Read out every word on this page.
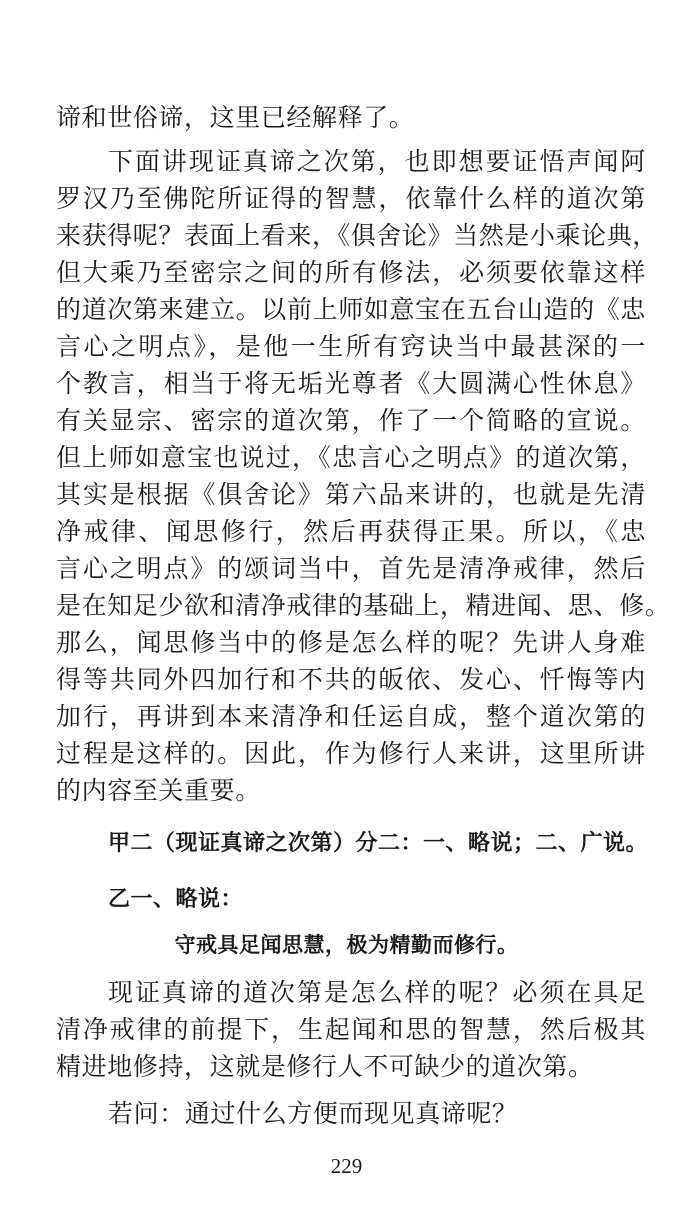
谛和世俗谛，这里已经解释了。
下面讲现证真谛之次第，也即想要证悟声闻阿
罗汉乃至佛陀所证得的智慧，依靠什么样的道次第
来获得呢？表面上看来，《俱舍论》当然是小乘论典，
但大乘乃至密宗之间的所有修法，必须要依靠这样
的道次第来建立。以前上师如意宝在五台山造的《忠
言心之明点》，是他一生所有窍诀当中最甚深的一
个教言，相当于将无垢光尊者《大圆满心性休息》
有关显宗、密宗的道次第，作了一个简略的宣说。
但上师如意宝也说过，《忠言心之明点》的道次第，
其实是根据《俱舍论》第六品来讲的，也就是先清
净戒律、闻思修行，然后再获得正果。所以，《忠
言心之明点》的颂词当中，首先是清净戒律，然后
是在知足少欲和清净戒律的基础上，精进闻、思、修。
那么，闻思修当中的修是怎么样的呢？先讲人身难
得等共同外四加行和不共的皈依、发心、忏悔等内
加行，再讲到本来清净和任运自成，整个道次第的
过程是这样的。因此，作为修行人来讲，这里所讲
的内容至关重要。
甲二（现证真谛之次第）分二：一、略说；二、广说。
乙一、略说：
守戒具足闻思慧，极为精勤而修行。
现证真谛的道次第是怎么样的呢？必须在具足
清净戒律的前提下，生起闻和思的智慧，然后极其
精进地修持，这就是修行人不可缺少的道次第。
若问：通过什么方便而现见真谛呢？
229
